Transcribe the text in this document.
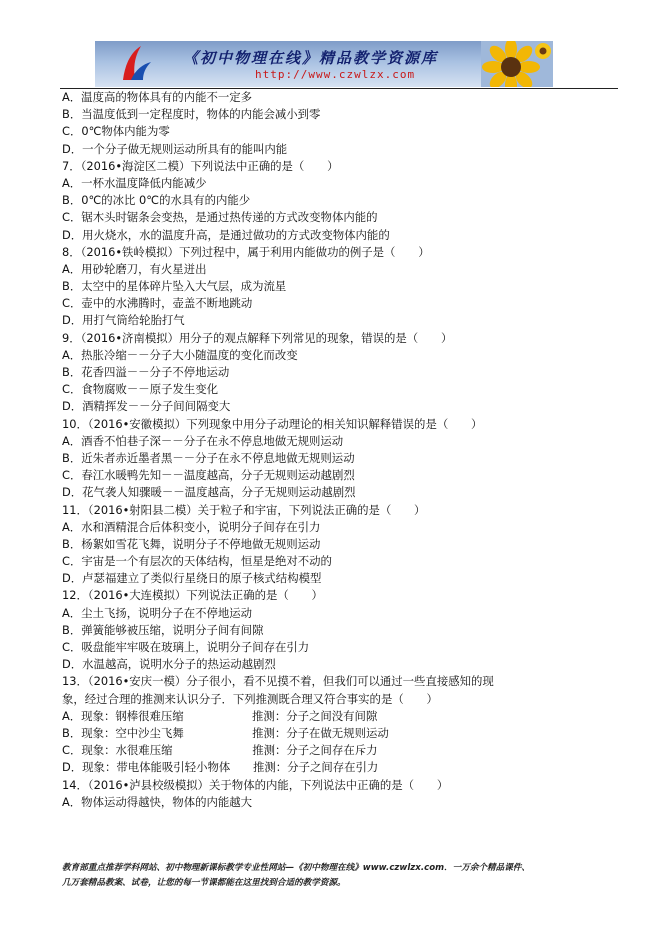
《初中物理在线》精品教学资源库
http://www.czwlzx.com
A．温度高的物体具有的内能不一定多
B．当温度低到一定程度时，物体的内能会减小到零
C．0℃物体内能为零
D．一个分子做无规则运动所具有的能叫内能
7．（2016•海淀区二模）下列说法中正确的是（　　）
A．一杯水温度降低内能减少
B．0℃的冰比 0℃的水具有的内能少
C．锯木头时锯条会变热，是通过热传递的方式改变物体内能的
D．用火烧水，水的温度升高，是通过做功的方式改变物体内能的
8．（2016•铁岭模拟）下列过程中，属于利用内能做功的例子是（　　）
A．用砂轮磨刀，有火星迸出
B．太空中的星体碎片坠入大气层，成为流星
C．壶中的水沸腾时，壶盖不断地跳动
D．用打气筒给轮胎打气
9．（2016•济南模拟）用分子的观点解释下列常见的现象，错误的是（　　）
A．热胀冷缩－－分子大小随温度的变化而改变
B．花香四溢－－分子不停地运动
C．食物腐败－－原子发生变化
D．酒精挥发－－分子间间隔变大
10．（2016•安徽模拟）下列现象中用分子动理论的相关知识解释错误的是（　　）
A．酒香不怕巷子深－－分子在永不停息地做无规则运动
B．近朱者赤近墨者黑－－分子在永不停息地做无规则运动
C．春江水暖鸭先知－－温度越高，分子无规则运动越剧烈
D．花气袭人知骤暖－－温度越高，分子无规则运动越剧烈
11．（2016•射阳县二模）关于粒子和宇宙，下列说法正确的是（　　）
A．水和酒精混合后体积变小，说明分子间存在引力
B．杨絮如雪花飞舞，说明分子不停地做无规则运动
C．宇宙是一个有层次的天体结构，恒星是绝对不动的
D．卢瑟福建立了类似行星绕日的原子核式结构模型
12．（2016•大连模拟）下列说法正确的是（　　）
A．尘土飞扬，说明分子在不停地运动
B．弹簧能够被压缩，说明分子间有间隙
C．吸盘能牢牢吸在玻璃上，说明分子间存在引力
D．水温越高，说明水分子的热运动越剧烈
13．（2016•安庆一模）分子很小，看不见摸不着，但我们可以通过一些直接感知的现
象，经过合理的推测来认识分子．下列推测既合理又符合事实的是（　　）
A．现象：钢棒很难压缩　　　　　　推测：分子之间没有间隙
B．现象：空中沙尘飞舞　　　　　　推测：分子在做无规则运动
C．现象：水很难压缩　　　　　　　推测：分子之间存在斥力
D．现象：带电体能吸引轻小物体　　推测：分子之间存在引力
14．（2016•泸县校级模拟）关于物体的内能，下列说法中正确的是（　　）
A．物体运动得越快，物体的内能越大
教育部重点推荐学科网站、初中物理新课标教学专业性网站—《初中物理在线》www.czwlzx.com．一万余个精品课件、
几万套精品教案、试卷，让您的每一节课都能在这里找到合适的教学资源。
